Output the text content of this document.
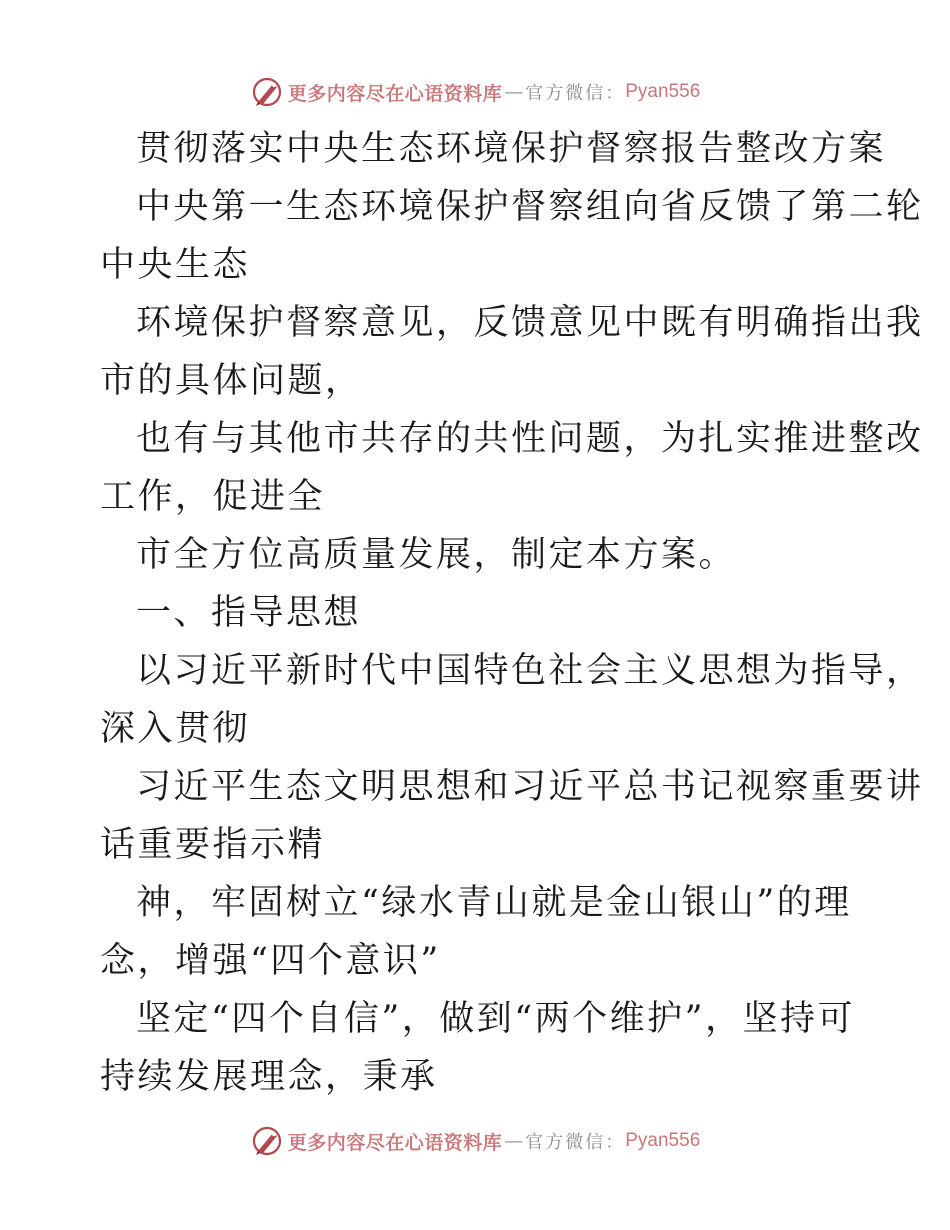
更多内容尽在心语资料库 — 官方微信： Pyan556
贯彻落实中央生态环境保护督察报告整改方案
中央第一生态环境保护督察组向省反馈了第二轮
中央生态
环境保护督察意见，反馈意见中既有明确指出我
市的具体问题，
也有与其他市共存的共性问题，为扎实推进整改
工作，促进全
市全方位高质量发展，制定本方案。
一、指导思想
以习近平新时代中国特色社会主义思想为指导，
深入贯彻
习近平生态文明思想和习近平总书记视察重要讲
话重要指示精
神，牢固树立“绿水青山就是金山银山”的理
念，增强“四个意识”
坚定“四个自信”，做到“两个维护”，坚持可
持续发展理念，秉承
更多内容尽在心语资料库 — 官方微信： Pyan556
